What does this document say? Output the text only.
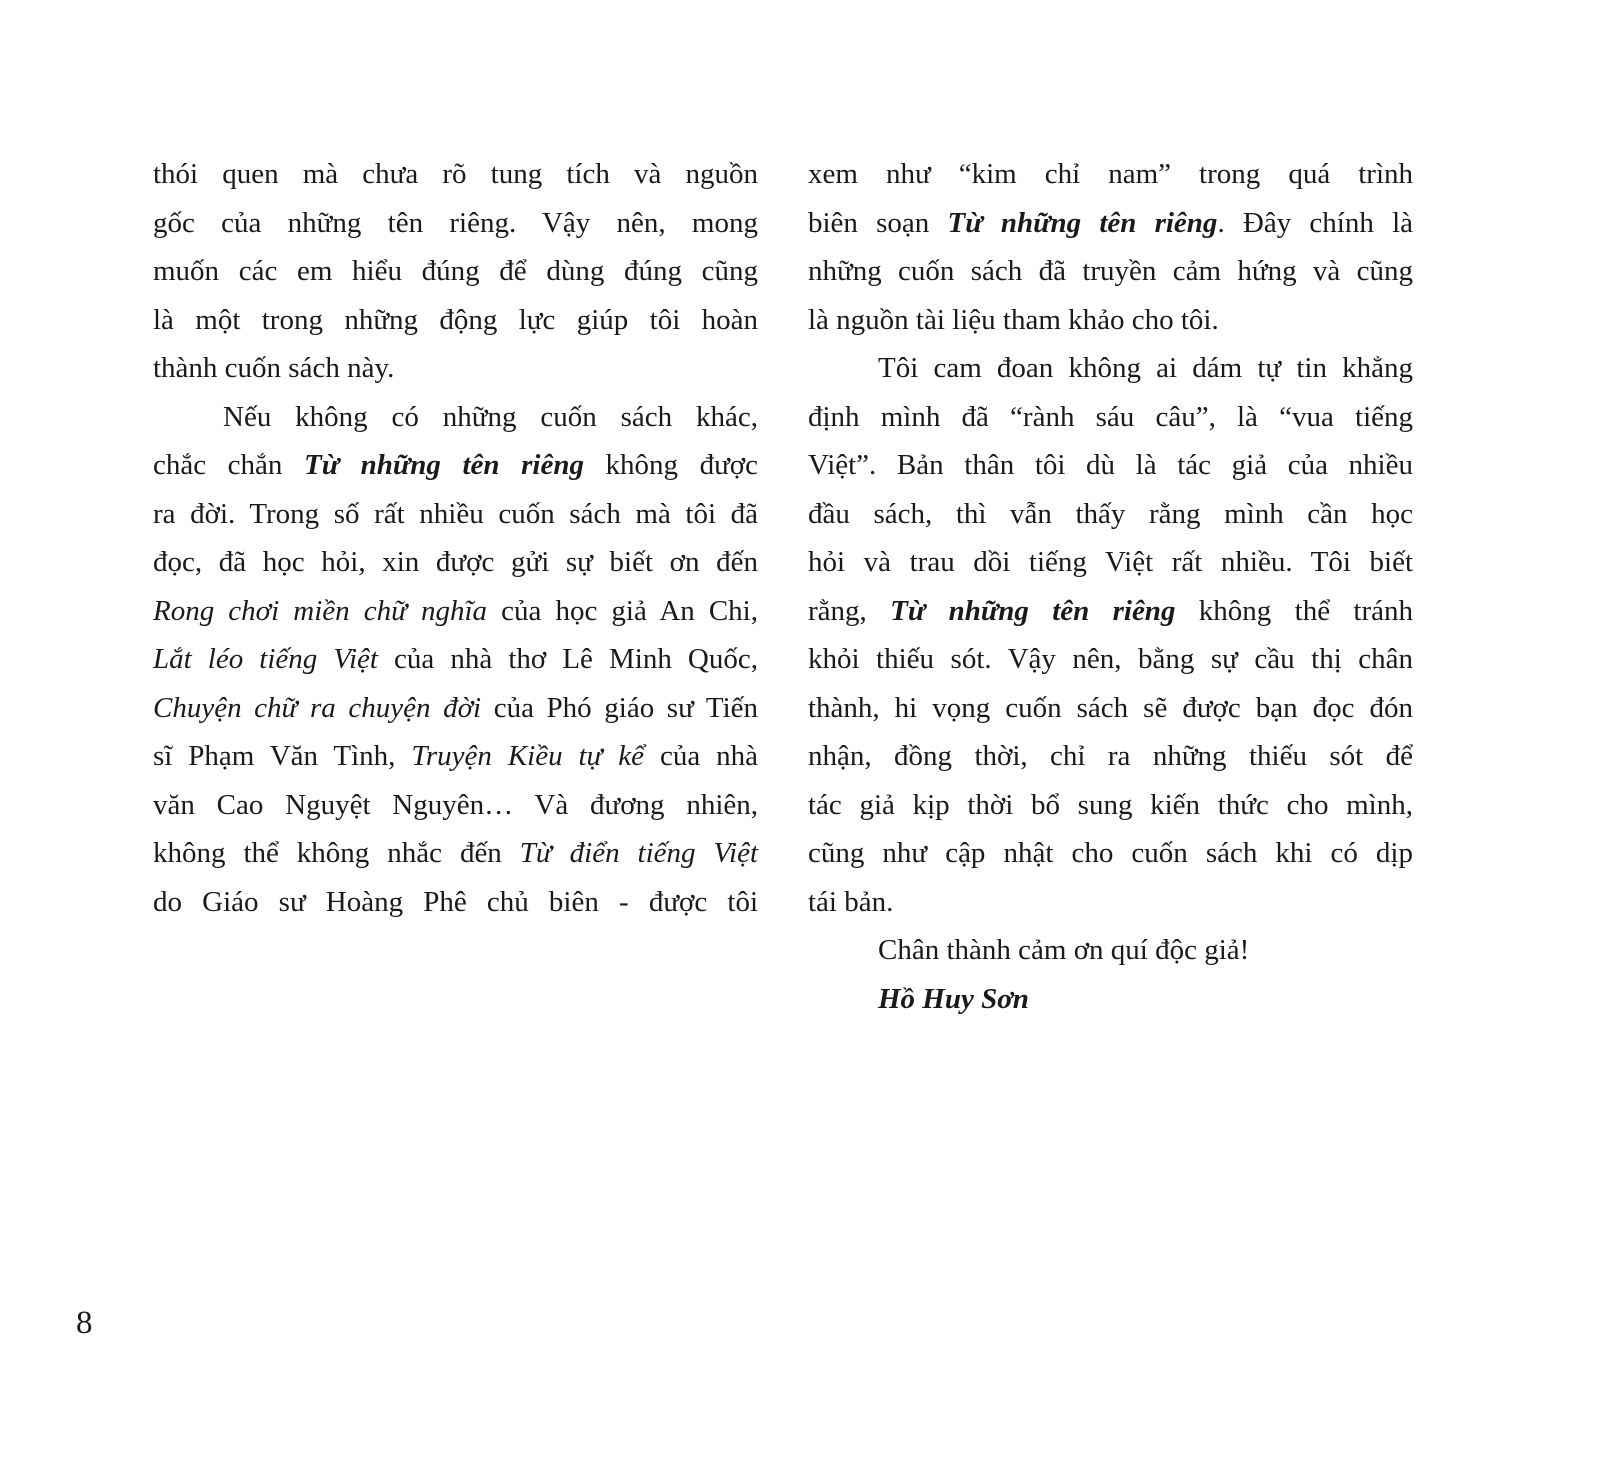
thói quen mà chưa rõ tung tích và nguồn
gốc của những tên riêng. Vậy nên, mong
muốn các em hiểu đúng để dùng đúng cũng
là một trong những động lực giúp tôi hoàn
thành cuốn sách này.
Nếu không có những cuốn sách khác,
chắc chắn Từ những tên riêng không được
ra đời. Trong số rất nhiều cuốn sách mà tôi đã
đọc, đã học hỏi, xin được gửi sự biết ơn đến
Rong chơi miền chữ nghĩa của học giả An Chi,
Lắt léo tiếng Việt của nhà thơ Lê Minh Quốc,
Chuyện chữ ra chuyện đời của Phó giáo sư Tiến
sĩ Phạm Văn Tình, Truyện Kiều tự kể của nhà
văn Cao Nguyệt Nguyên… Và đương nhiên,
không thể không nhắc đến Từ điển tiếng Việt
do Giáo sư Hoàng Phê chủ biên - được tôi
xem như “kim chỉ nam” trong quá trình
biên soạn Từ những tên riêng. Đây chính là
những cuốn sách đã truyền cảm hứng và cũng
là nguồn tài liệu tham khảo cho tôi.
Tôi cam đoan không ai dám tự tin khẳng
định mình đã “rành sáu câu”, là “vua tiếng
Việt”. Bản thân tôi dù là tác giả của nhiều
đầu sách, thì vẫn thấy rằng mình cần học
hỏi và trau dồi tiếng Việt rất nhiều. Tôi biết
rằng, Từ những tên riêng không thể tránh
khỏi thiếu sót. Vậy nên, bằng sự cầu thị chân
thành, hi vọng cuốn sách sẽ được bạn đọc đón
nhận, đồng thời, chỉ ra những thiếu sót để
tác giả kịp thời bổ sung kiến thức cho mình,
cũng như cập nhật cho cuốn sách khi có dịp
tái bản.
Chân thành cảm ơn quí độc giả!
Hồ Huy Sơn
8
